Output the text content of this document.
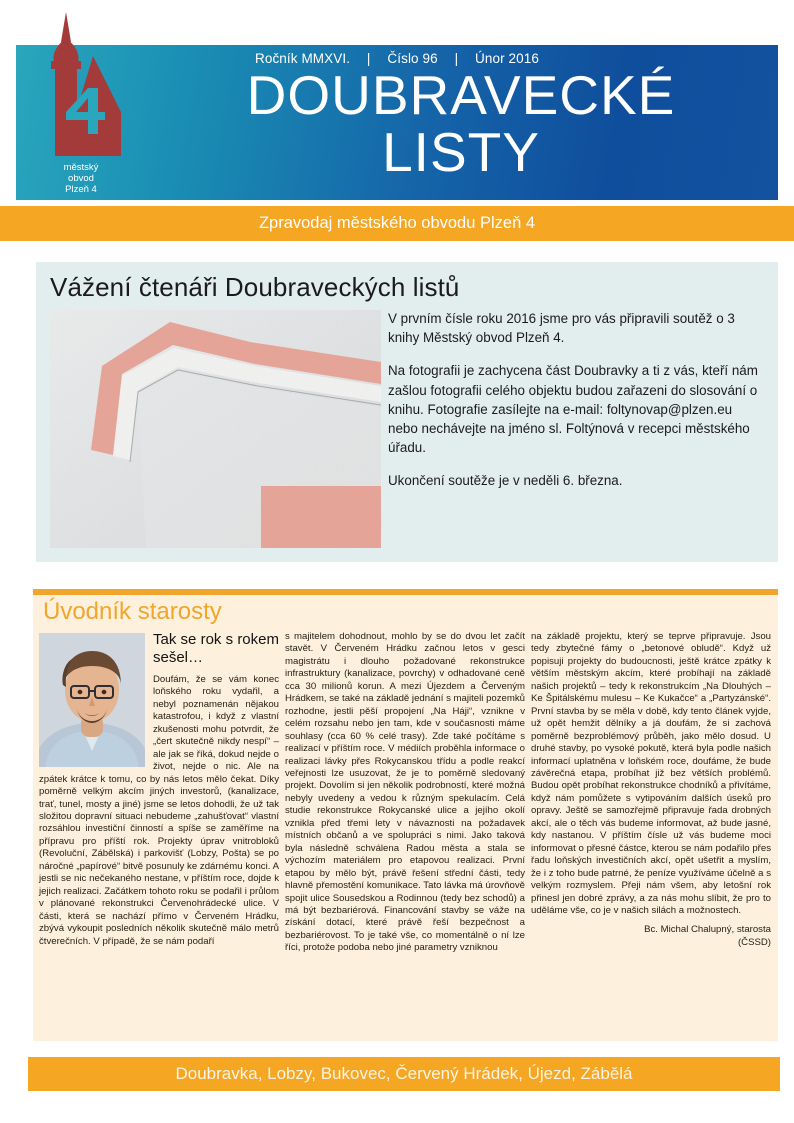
Ročník MMXVI. | Číslo 96 | Únor 2016
DOUBRAVECKÉ
LISTY
městský
obvod
Plzeň 4
Zpravodaj městského obvodu Plzeň 4
Vážení čtenáři Doubraveckých listů

V prvním čísle roku 2016 jsme pro vás připravili soutěž o 3 knihy Městský obvod Plzeň 4.

Na fotografii je zachycena část Doubravky a ti z vás, kteří nám zašlou fotografii celého objektu budou zařazeni do slosování o knihu. Fotografie zasílejte na e-mail: foltynovap@plzen.eu nebo nechávejte na jméno sl. Foltýnová v recepci městského úřadu.

Ukončení soutěže je v neděli 6. března.

Úvodník starosty
Tak se rok s rokem sešel…

Doufám, že se vám konec loňského roku vydařil, a nebyl poznamenán nějakou katastrofou, i když z vlastní zkušenosti mohu potvrdit, že „čert skutečně nikdy nespí“ – ale jak se říká, dokud nejde o život, nejde o nic. Ale na zpátek krátce k tomu, co by nás letos mělo čekat. Díky poměrně velkým akcím jiných investorů, (kanalizace, trať, tunel, mosty a jiné) jsme se letos dohodli, že už tak složitou dopravní situaci nebudeme „zahušťovat“ vlastní rozsáhlou investiční činností a spíše se zaměříme na přípravu pro příští rok. Projekty úprav vnitrobloků (Revoluční, Zábělská) i parkovišť (Lobzy, Pošta) se po náročné „papírové“ bitvě posunuly ke zdárnému konci. A jestli se nic nečekaného nestane, v příštím roce, dojde k jejich realizaci. Začátkem tohoto roku se podařil i průlom v plánované rekonstrukci Červenohrádecké ulice. V části, která se nachází přímo v Červeném Hrádku, zbývá vykoupit posledních několik skutečně málo metrů čtverečních. V případě, že se nám podaří

s majitelem dohodnout, mohlo by se do dvou let začít stavět. V Červeném Hrádku začnou letos v gesci magistrátu i dlouho požadované rekonstrukce infrastruktury (kanalizace, povrchy) v odhadované ceně cca 30 milionů korun. A mezi Újezdem a Červeným Hrádkem, se také na základě jednání s majiteli pozemků rozhodne, jestli pěší propojení „Na Háji“, vznikne v celém rozsahu nebo jen tam, kde v současnosti máme souhlasy (cca 60 % celé trasy). Zde také počítáme s realizací v příštím roce. V médiích proběhla informace o realizaci lávky přes Rokycanskou třídu a podle reakcí veřejnosti lze usuzovat, že je to poměrně sledovaný projekt. Dovolím si jen několik podrobností, které možná nebyly uvedeny a vedou k různým spekulacím. Celá studie rekonstrukce Rokycanské ulice a jejího okolí vznikla před třemi lety v návaznosti na požadavek místních občanů a ve spolupráci s nimi. Jako taková byla následně schválena Radou města a stala se výchozím materiálem pro etapovou realizaci. První etapou by mělo být, právě řešení střední části, tedy hlavně přemostění komunikace. Tato lávka má úrovňově spojit ulice Sousedskou a Rodinnou (tedy bez schodů) a má být bezbariérová. Financování stavby se váže na získání dotací, které právě řeší bezpečnost a bezbariérovost. To je také vše, co momentálně o ní lze říci, protože podoba nebo jiné parametry vzniknou

na základě projektu, který se teprve připravuje. Jsou tedy zbytečné fámy o „betonové obludě“. Když už popisuji projekty do budoucnosti, ještě krátce zpátky k větším městským akcím, které probíhají na základě našich projektů – tedy k rekonstrukcím „Na Dlouhých – Ke Špitálskému mulesu – Ke Kukačce“ a „Partyzánské“. První stavba by se měla v době, kdy tento článek vyjde, už opět hemžit dělníky a já doufám, že si zachová poměrně bezproblémový průběh, jako mělo dosud. U druhé stavby, po vysoké pokutě, která byla podle našich informací uplatněna v loňském roce, doufáme, že bude závěrečná etapa, probíhat již bez větších problémů. Budou opět probíhat rekonstrukce chodníků a přivítáme, když nám pomůžete s vytipováním dalších úseků pro opravy. Ještě se samozřejmě připravuje řada drobných akcí, ale o těch vás budeme informovat, až bude jasné, kdy nastanou. V příštím čísle už vás budeme moci informovat o přesné částce, kterou se nám podařilo přes řadu loňských investičních akcí, opět ušetřit a myslím, že i z toho bude patrné, že peníze využíváme účelně a s velkým rozmyslem. Přeji nám všem, aby letošní rok přinesl jen dobré zprávy, a za nás mohu slíbit, že pro to uděláme vše, co je v našich silách a možnostech.

Bc. Michal Chalupný, starosta
(ČSSD)
Doubravka, Lobzy, Bukovec, Červený Hrádek, Újezd, Zábělá
